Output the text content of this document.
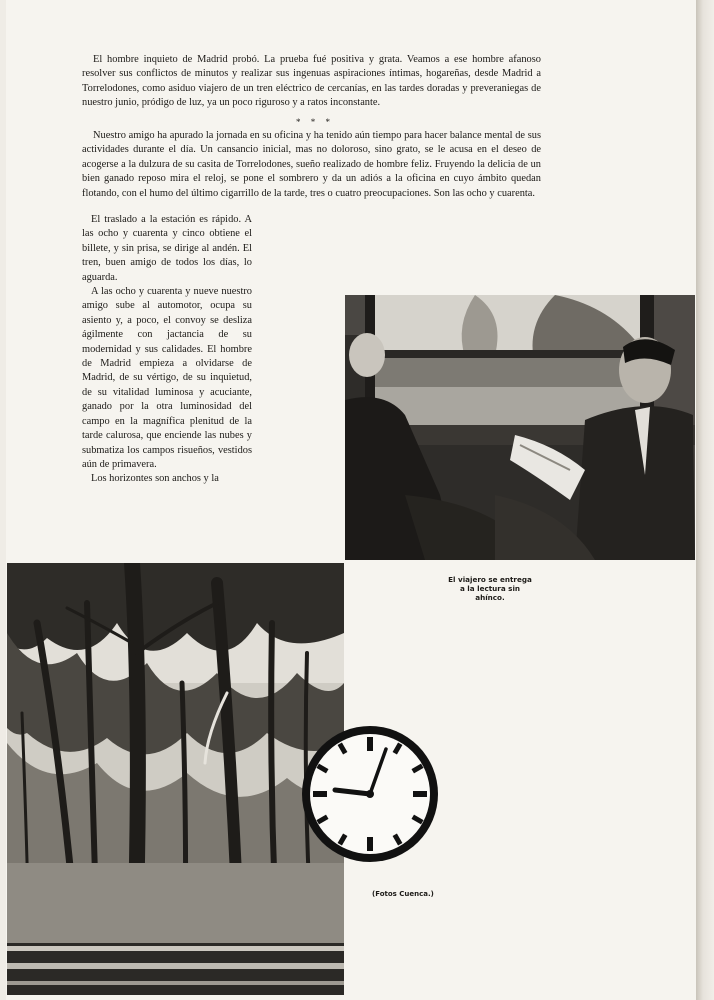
El hombre inquieto de Madrid probó. La prueba fué positiva y grata. Veamos a ese hombre afanoso resolver sus conflictos de minutos y realizar sus ingenuas aspiraciones íntimas, hogareñas, desde Madrid a Torrelodones, como asiduo viajero de un tren eléctrico de cercanías, en las tardes doradas y preveraniegas de nuestro junio, pródigo de luz, ya un poco riguroso y a ratos inconstante.

* * *

Nuestro amigo ha apurado la jornada en su oficina y ha tenido aún tiempo para hacer balance mental de sus actividades durante el día. Un cansancio inicial, mas no doloroso, sino grato, se le acusa en el deseo de acogerse a la dulzura de su casita de Torrelodones, sueño realizado de hombre feliz. Fruyendo la delicia de un bien ganado reposo mira el reloj, se pone el sombrero y da un adiós a la oficina en cuyo ámbito quedan flotando, con el humo del último cigarrillo de la tarde, tres o cuatro preocupaciones. Son las ocho y cuarenta.

El traslado a la estación es rápido. A las ocho y cuarenta y cinco obtiene el billete, y sin prisa, se dirige al andén. El tren, buen amigo de todos los días, lo aguarda.

A las ocho y cuarenta y nueve nuestro amigo sube al automotor, ocupa su asiento y, a poco, el convoy se desliza ágilmente con jactancia de su modernidad y sus calidades. El hombre de Madrid empieza a olvidarse de Madrid, de su vértigo, de su inquietud, de su vitalidad luminosa y acuciante, ganado por la otra luminosidad del campo en la magnífica plenitud de la tarde calurosa, que enciende las nubes y submatiza los campos risueños, vestidos aún de primavera.

Los horizontes son anchos y la

El viajero se entrega a la lectura sin ahínco.
(Fotos Cuenca.)
